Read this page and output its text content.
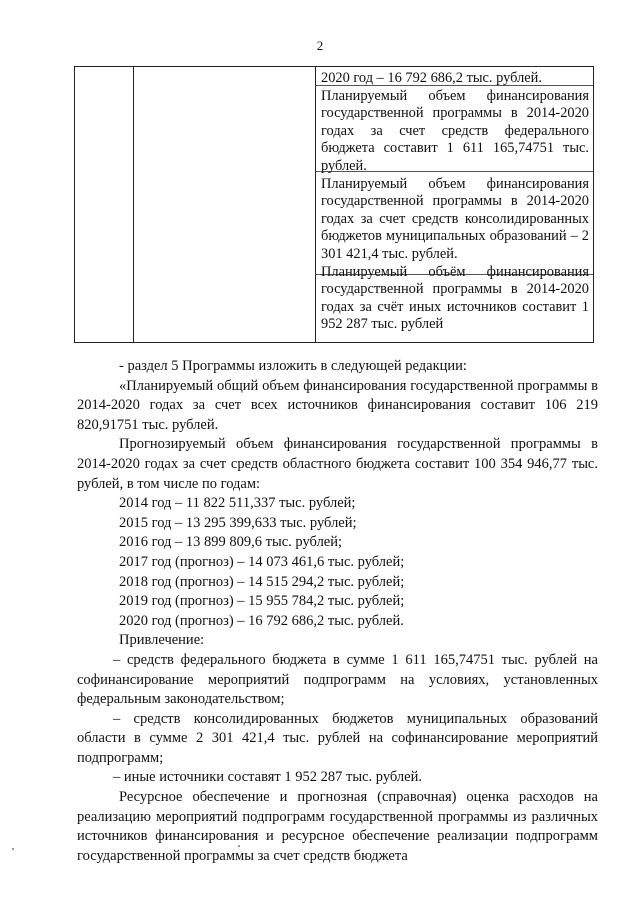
2

2020 год – 16 792 686,2 тыс. рублей.

Планируемый объем финансирования государственной программы в 2014-2020 годах за счет средств федерального бюджета составит 1 611 165,74751 тыс. рублей.

Планируемый объем финансирования государственной программы в 2014-2020 годах за счет средств консолидированных бюджетов муниципальных образований – 2 301 421,4 тыс. рублей.

Планируемый объём финансирования государственной программы в 2014-2020 годах за счёт иных источников составит 1 952 287 тыс. рублей

- раздел 5 Программы изложить в следующей редакции:

«Планируемый общий объем финансирования государственной программы в 2014-2020 годах за счет всех источников финансирования составит 106 219 820,91751 тыс. рублей.

Прогнозируемый объем финансирования государственной программы в 2014-2020 годах за счет средств областного бюджета составит 100 354 946,77 тыс. рублей, в том числе по годам:

2014 год – 11 822 511,337 тыс. рублей;

2015 год – 13 295 399,633 тыс. рублей;

2016 год – 13 899 809,6 тыс. рублей;

2017 год (прогноз) – 14 073 461,6 тыс. рублей;

2018 год (прогноз) – 14 515 294,2 тыс. рублей;

2019 год (прогноз) – 15 955 784,2 тыс. рублей;

2020 год (прогноз) – 16 792 686,2 тыс. рублей.

Привлечение:

– средств федерального бюджета в сумме 1 611 165,74751 тыс. рублей на софинансирование мероприятий подпрограмм на условиях, установленных федеральным законодательством;

– средств консолидированных бюджетов муниципальных образований области в сумме 2 301 421,4 тыс. рублей на софинансирование мероприятий подпрограмм;

– иные источники составят 1 952 287 тыс. рублей.

Ресурсное обеспечение и прогнозная (справочная) оценка расходов на реализацию мероприятий подпрограмм государственной программы из различных источников финансирования и ресурсное обеспечение реализации подпрограмм государственной программы за счет средств бюджета
